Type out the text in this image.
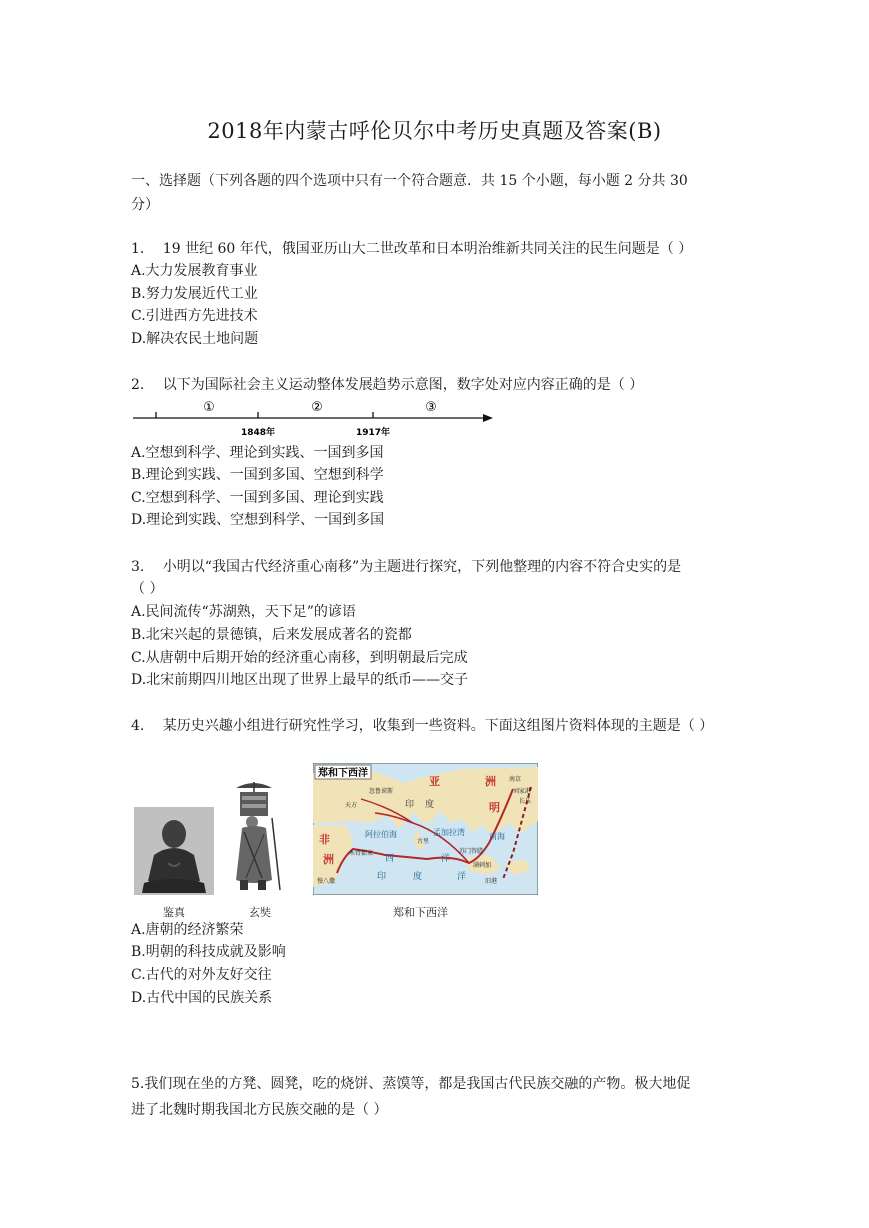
2018年内蒙古呼伦贝尔中考历史真题及答案(B)
一、选择题（下列各题的四个选项中只有一个符合题意．共 15 个小题，每小题 2 分共 30
分）
1.　 19 世纪 60 年代，俄国亚历山大二世改革和日本明治维新共同关注的民生问题是（ ）
A.大力发展教育事业
B.努力发展近代工业
C.引进西方先进技术
D.解决农民土地问题
2.　 以下为国际社会主义运动整体发展趋势示意图，数字处对应内容正确的是（ ）
①	②	③
1848年	1917年
A.空想到科学、理论到实践、一国到多国
B.理论到实践、一国到多国、空想到科学
C.空想到科学、一国到多国、理论到实践
D.理论到实践、空想到科学、一国到多国
3.　 小明以“我国古代经济重心南移”为主题进行探究，下列他整理的内容不符合史实的是
（ ）
A.民间流传“苏湖熟，天下足”的谚语
B.北宋兴起的景德镇，后来发展成著名的瓷都
C.从唐朝中后期开始的经济重心南移，到明朝最后完成
D.北宋前期四川地区出现了世界上最早的纸币——交子
4.　 某历史兴趣小组进行研究性学习，收集到一些资料。下面这组图片资料体现的主题是（ ）
郑和下西洋
亚	洲
明
非
洲
印 度
阿拉伯海	孟加拉湾	南海
西	洋
印	度	洋
忽鲁谟斯
天方
木骨都束
慢八撒
古里
苏门答腊
旧港
满剌加
南京
刘家港
长乐
鉴真	玄奘	郑和下西洋
A.唐朝的经济繁荣
B.明朝的科技成就及影响
C.古代的对外友好交往
D.古代中国的民族关系
5.我们现在坐的方凳、圆凳，吃的烧饼、蒸馍等，都是我国古代民族交融的产物。极大地促
进了北魏时期我国北方民族交融的是（ ）
